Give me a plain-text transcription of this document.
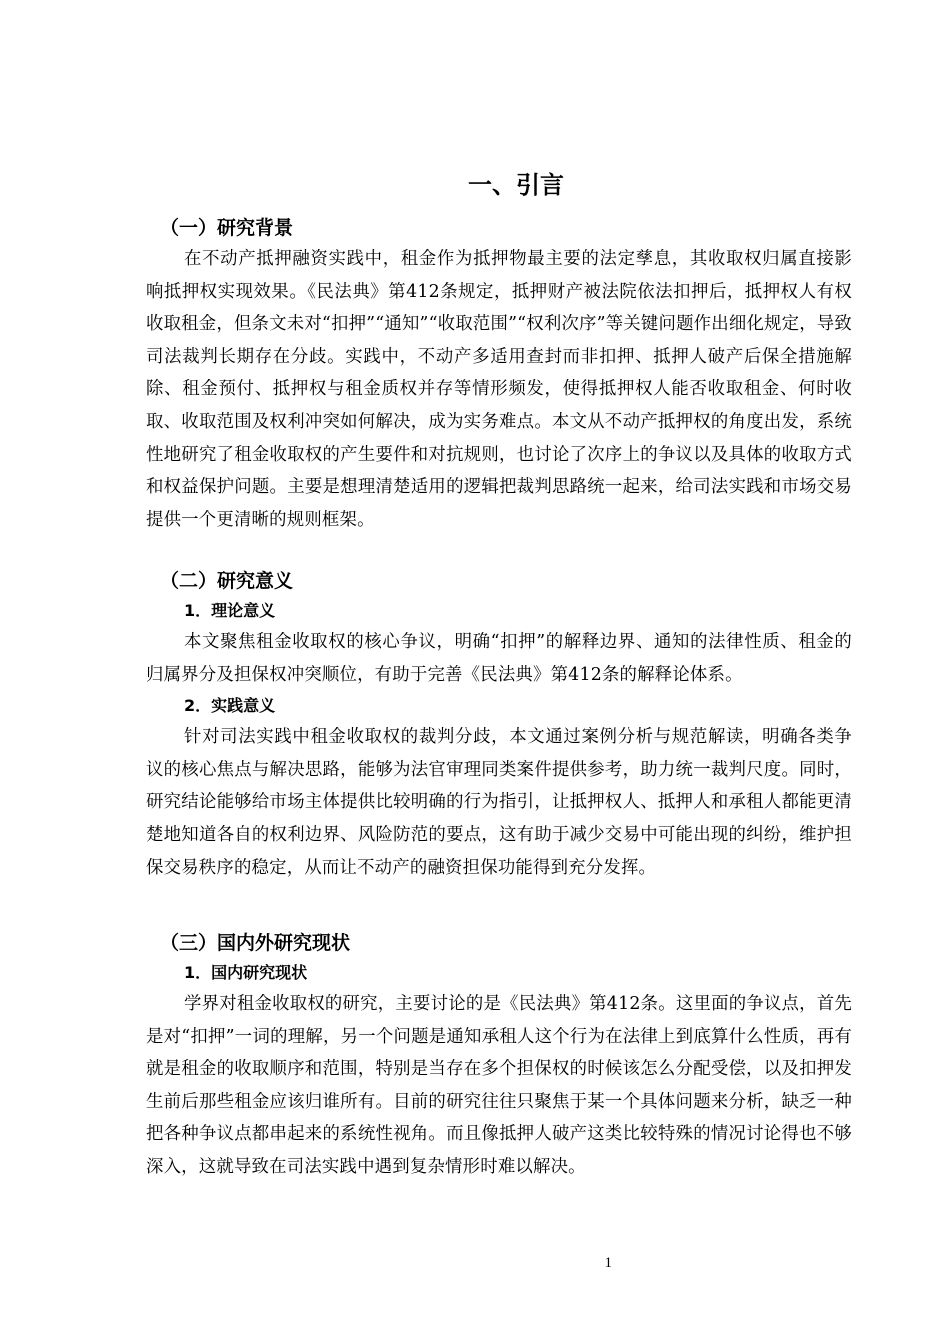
一、引言
（一）研究背景

在不动产抵押融资实践中，租金作为抵押物最主要的法定孳息，其收取权归属直接影响抵押权实现效果。《民法典》第412条规定，抵押财产被法院依法扣押后，抵押权人有权收取租金，但条文未对“扣押”“通知”“收取范围”“权利次序”等关键问题作出细化规定，导致司法裁判长期存在分歧。实践中，不动产多适用查封而非扣押、抵押人破产后保全措施解除、租金预付、抵押权与租金质权并存等情形频发，使得抵押权人能否收取租金、何时收取、收取范围及权利冲突如何解决，成为实务难点。本文从不动产抵押权的角度出发，系统性地研究了租金收取权的产生要件和对抗规则，也讨论了次序上的争议以及具体的收取方式和权益保护问题。主要是想理清楚适用的逻辑把裁判思路统一起来，给司法实践和市场交易提供一个更清晰的规则框架。

（二）研究意义
1．理论意义

本文聚焦租金收取权的核心争议，明确“扣押”的解释边界、通知的法律性质、租金的归属界分及担保权冲突顺位，有助于完善《民法典》第412条的解释论体系。

2．实践意义

针对司法实践中租金收取权的裁判分歧，本文通过案例分析与规范解读，明确各类争议的核心焦点与解决思路，能够为法官审理同类案件提供参考，助力统一裁判尺度。同时，研究结论能够给市场主体提供比较明确的行为指引，让抵押权人、抵押人和承租人都能更清楚地知道各自的权利边界、风险防范的要点，这有助于减少交易中可能出现的纠纷，维护担保交易秩序的稳定，从而让不动产的融资担保功能得到充分发挥。

（三）国内外研究现状
1．国内研究现状

学界对租金收取权的研究，主要讨论的是《民法典》第412条。这里面的争议点，首先是对“扣押”一词的理解，另一个问题是通知承租人这个行为在法律上到底算什么性质，再有就是租金的收取顺序和范围，特别是当存在多个担保权的时候该怎么分配受偿，以及扣押发生前后那些租金应该归谁所有。目前的研究往往只聚焦于某一个具体问题来分析，缺乏一种把各种争议点都串起来的系统性视角。而且像抵押人破产这类比较特殊的情况讨论得也不够深入，这就导致在司法实践中遇到复杂情形时难以解决。

1
